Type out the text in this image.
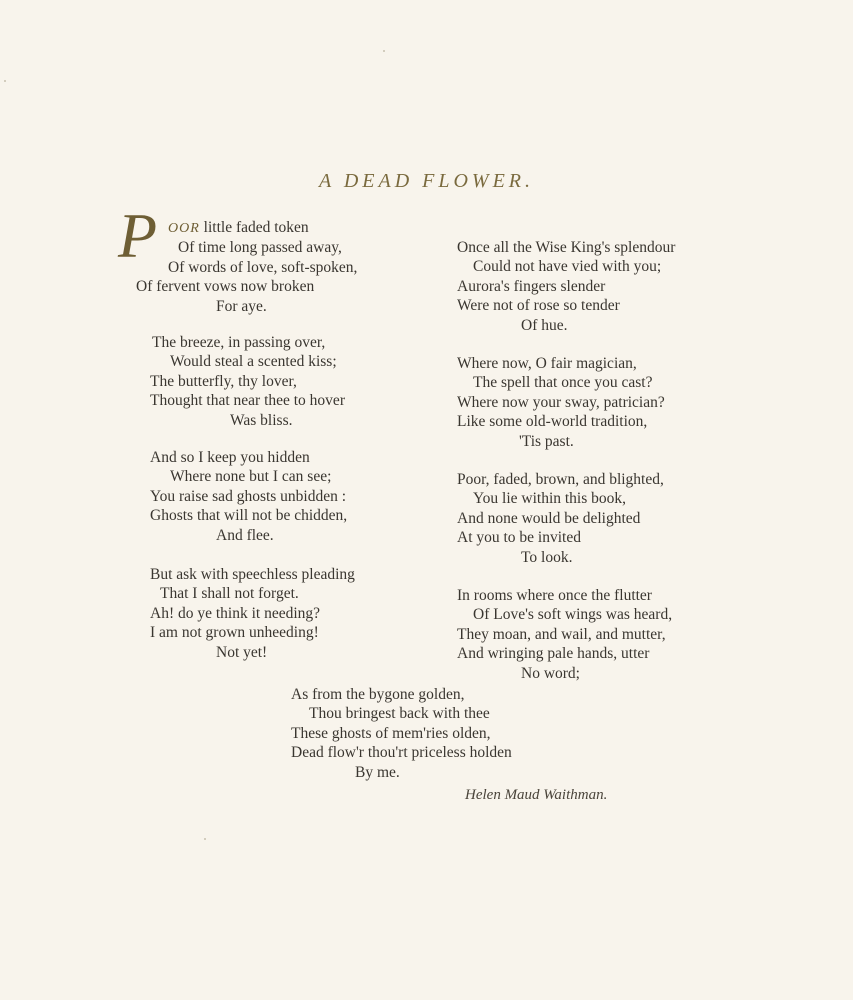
A DEAD FLOWER.
P OOR little faded token
Of time long passed away,
Of words of love, soft-spoken,
Of fervent vows now broken
For aye.
The breeze, in passing over,
Would steal a scented kiss;
The butterfly, thy lover,
Thought that near thee to hover
Was bliss.
And so I keep you hidden
Where none but I can see;
You raise sad ghosts unbidden :
Ghosts that will not be chidden,
And flee.
But ask with speechless pleading
That I shall not forget.
Ah! do ye think it needing?
I am not grown unheeding!
Not yet!
Once all the Wise King's splendour
Could not have vied with you;
Aurora's fingers slender
Were not of rose so tender
Of hue.
Where now, O fair magician,
The spell that once you cast?
Where now your sway, patrician?
Like some old-world tradition,
'Tis past.
Poor, faded, brown, and blighted,
You lie within this book,
And none would be delighted
At you to be invited
To look.
In rooms where once the flutter
Of Love's soft wings was heard,
They moan, and wail, and mutter,
And wringing pale hands, utter
No word;
As from the bygone golden,
Thou bringest back with thee
These ghosts of mem'ries olden,
Dead flow'r thou'rt priceless holden
By me.
Helen Maud Waithman.
